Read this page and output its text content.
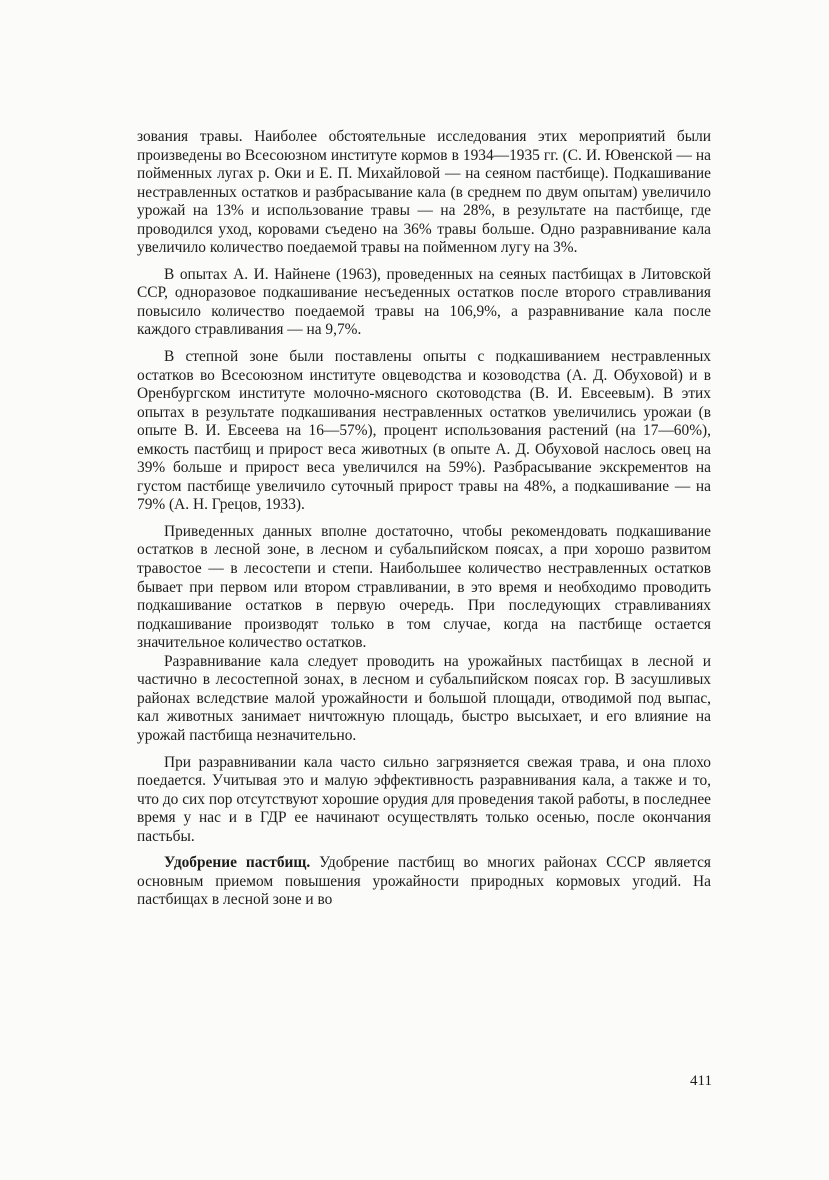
зования травы. Наиболее обстоятельные исследования этих мероприятий были произведены во Всесоюзном институте кормов в 1934—1935 гг. (С. И. Ювенской — на пойменных лугах р. Оки и Е. П. Михайловой — на сеяном пастбище). Подкашивание нестравленных остатков и разбрасывание кала (в среднем по двум опытам) увеличило урожай на 13% и использование травы — на 28%, в результате на пастбище, где проводился уход, коровами съедено на 36% травы больше. Одно разравнивание кала увеличило количество поедаемой травы на пойменном лугу на 3%.

В опытах А. И. Найнене (1963), проведенных на сеяных пастбищах в Литовской ССР, одноразовое подкашивание несъеденных остатков после второго стравливания повысило количество поедаемой травы на 106,9%, а разравнивание кала после каждого стравливания — на 9,7%.

В степной зоне были поставлены опыты с подкашиванием нестравленных остатков во Всесоюзном институте овцеводства и козоводства (А. Д. Обуховой) и в Оренбургском институте молочно-мясного скотоводства (В. И. Евсеевым). В этих опытах в результате подкашивания нестравленных остатков увеличились урожаи (в опыте В. И. Евсеева на 16—57%), процент использования растений (на 17—60%), емкость пастбищ и прирост веса животных (в опыте А. Д. Обуховой наслось овец на 39% больше и прирост веса увеличился на 59%). Разбрасывание экскрементов на густом пастбище увеличило суточный прирост травы на 48%, а подкашивание — на 79% (А. Н. Грецов, 1933).

Приведенных данных вполне достаточно, чтобы рекомендовать подкашивание остатков в лесной зоне, в лесном и субальпийском поясах, а при хорошо развитом травостое — в лесостепи и степи. Наибольшее количество нестравленных остатков бывает при первом или втором стравливании, в это время и необходимо проводить подкашивание остатков в первую очередь. При последующих стравливаниях подкашивание производят только в том случае, когда на пастбище остается значительное количество остатков.

Разравнивание кала следует проводить на урожайных пастбищах в лесной и частично в лесостепной зонах, в лесном и субальпийском поясах гор. В засушливых районах вследствие малой урожайности и большой площади, отводимой под выпас, кал животных занимает ничтожную площадь, быстро высыхает, и его влияние на урожай пастбища незначительно.

При разравнивании кала часто сильно загрязняется свежая трава, и она плохо поедается. Учитывая это и малую эффективность разравнивания кала, а также и то, что до сих пор отсутствуют хорошие орудия для проведения такой работы, в последнее время у нас и в ГДР ее начинают осуществлять только осенью, после окончания пастьбы.

Удобрение пастбищ. Удобрение пастбищ во многих районах СССР является основным приемом повышения урожайности природных кормовых угодий. На пастбищах в лесной зоне и во

411
